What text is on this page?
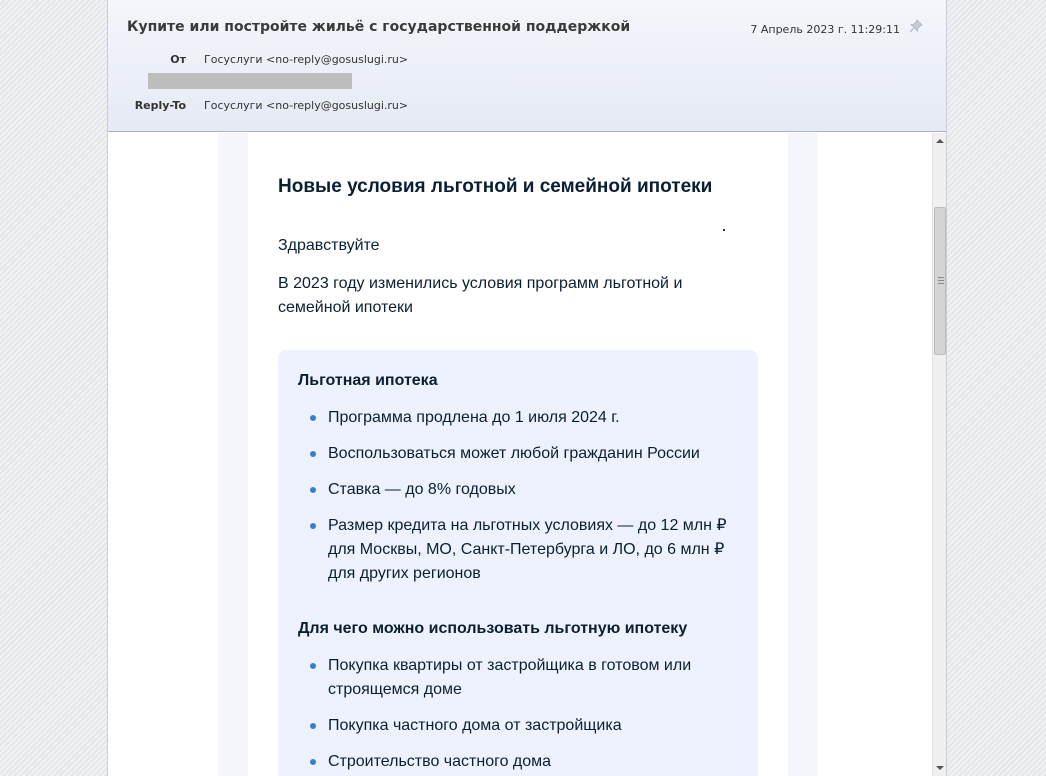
Купите или постройте жильё с государственной поддержкой	7 Апрель 2023 г. 11:29:11
От Госуслуги <no-reply@gosuslugi.ru>
Reply-To Госуслуги <no-reply@gosuslugi.ru>
Новые условия льготной и семейной ипотеки
Здравствуйте
В 2023 году изменились условия программ льготной и семейной ипотеки
Льготная ипотека
Программа продлена до 1 июля 2024 г.
Воспользоваться может любой гражданин России
Ставка — до 8% годовых
Размер кредита на льготных условиях — до 12 млн ₽ для Москвы, МО, Санкт-Петербурга и ЛО, до 6 млн ₽ для других регионов
Для чего можно использовать льготную ипотеку
Покупка квартиры от застройщика в готовом или строящемся доме
Покупка частного дома от застройщика
Строительство частного дома
